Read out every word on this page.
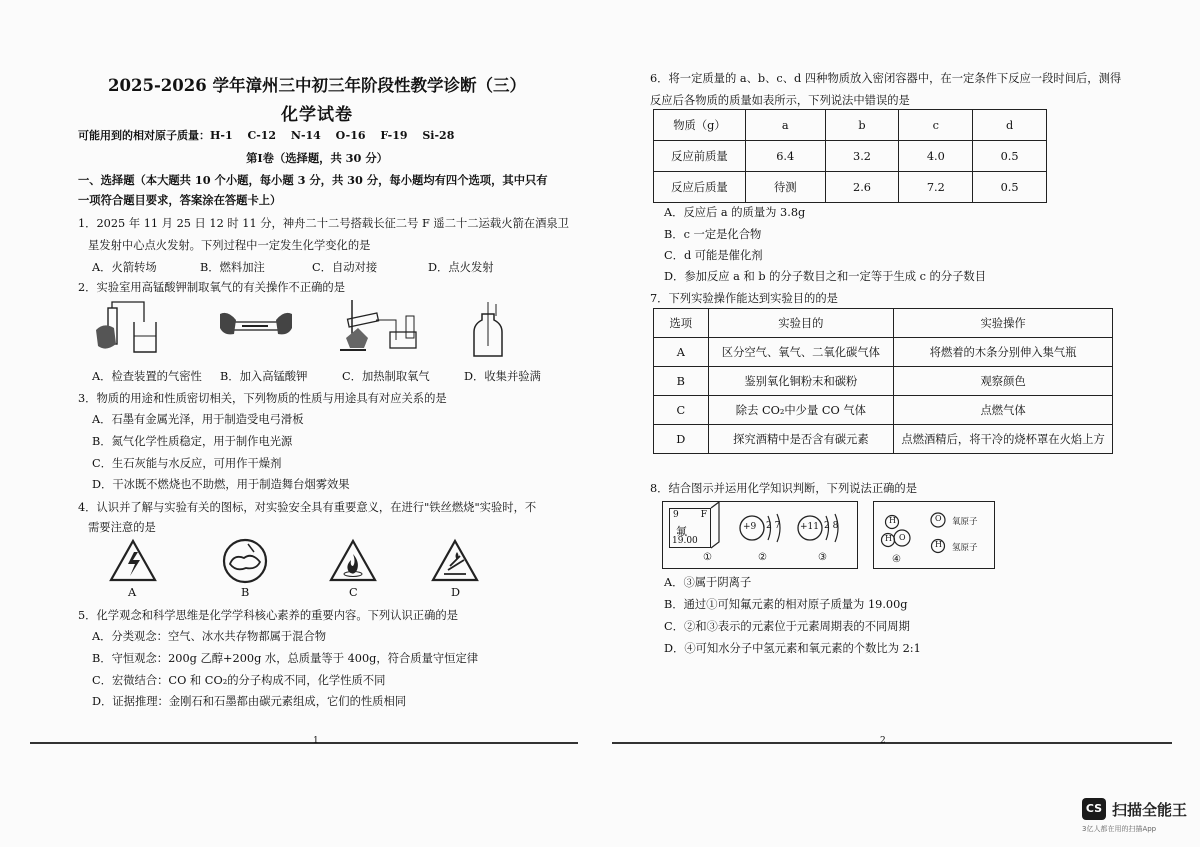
2025-2026 学年漳州三中初三年阶段性教学诊断（三）
化学试卷
可能用到的相对原子质量：H-1　 C-12　 N-14　 O-16　 F-19　 Si-28
第Ⅰ卷（选择题，共 30 分）
一、选择题（本大题共 10 个小题，每小题 3 分，共 30 分，每小题均有四个选项，其中只有
一项符合题目要求，答案涂在答题卡上）
1．2025 年 11 月 25 日 12 时 11 分，神舟二十二号搭载长征二号 F 遥二十二运载火箭在酒泉卫
星发射中心点火发射。下列过程中一定发生化学变化的是
A．火箭转场	B．燃料加注	C．自动对接	D．点火发射
2．实验室用高锰酸钾制取氧气的有关操作不正确的是
A．检查装置的气密性 B．加入高锰酸钾	C．加热制取氧气	D．收集并验满
3．物质的用途和性质密切相关，下列物质的性质与用途具有对应关系的是
A．石墨有金属光泽，用于制造受电弓滑板
B．氮气化学性质稳定，用于制作电光源
C．生石灰能与水反应，可用作干燥剂
D．干冰既不燃烧也不助燃，用于制造舞台烟雾效果
4．认识并了解与实验有关的图标，对实验安全具有重要意义，在进行"铁丝燃烧"实验时，不
需要注意的是
A	B	C	D
5．化学观念和科学思维是化学学科核心素养的重要内容。下列认识正确的是
A．分类观念：空气、冰水共存物都属于混合物
B．守恒观念：200g 乙醇+200g 水，总质量等于 400g，符合质量守恒定律
C．宏微结合：CO 和 CO₂的分子构成不同，化学性质不同
D．证据推理：金刚石和石墨都由碳元素组成，它们的性质相同
1
6．将一定质量的 a、b、c、d 四种物质放入密闭容器中，在一定条件下反应一段时间后，测得
反应后各物质的质量如表所示，下列说法中错误的是
物质（g）	a	b	c	d
反应前质量	6.4	3.2	4.0	0.5
反应后质量	待测	2.6	7.2	0.5
A．反应后 a 的质量为 3.8g
B．c 一定是化合物
C．d 可能是催化剂
D．参加反应 a 和 b 的分子数目之和一定等于生成 c 的分子数目
7．下列实验操作能达到实验目的的是
选项	实验目的	实验操作
A	区分空气、氧气、二氧化碳气体	将燃着的木条分别伸入集气瓶
B	鉴别氧化铜粉末和碳粉	观察颜色
C	除去 CO₂中少量 CO 气体	点燃气体
D	探究酒精中是否含有碳元素	点燃酒精后，将干冷的烧杯罩在火焰上方
8．结合图示并运用化学知识判断，下列说法正确的是
9 F
氟
19.00
+9 2 7 +11 2 8
①	②	③
H
O
H
O
H
氧原子
氢原子
④
A．③属于阴离子
B．通过①可知氟元素的相对原子质量为 19.00g
C．②和③表示的元素位于元素周期表的不同周期
D．④可知水分子中氢元素和氧元素的个数比为 2:1
2
CS 扫描全能王
3亿人都在用的扫描App
